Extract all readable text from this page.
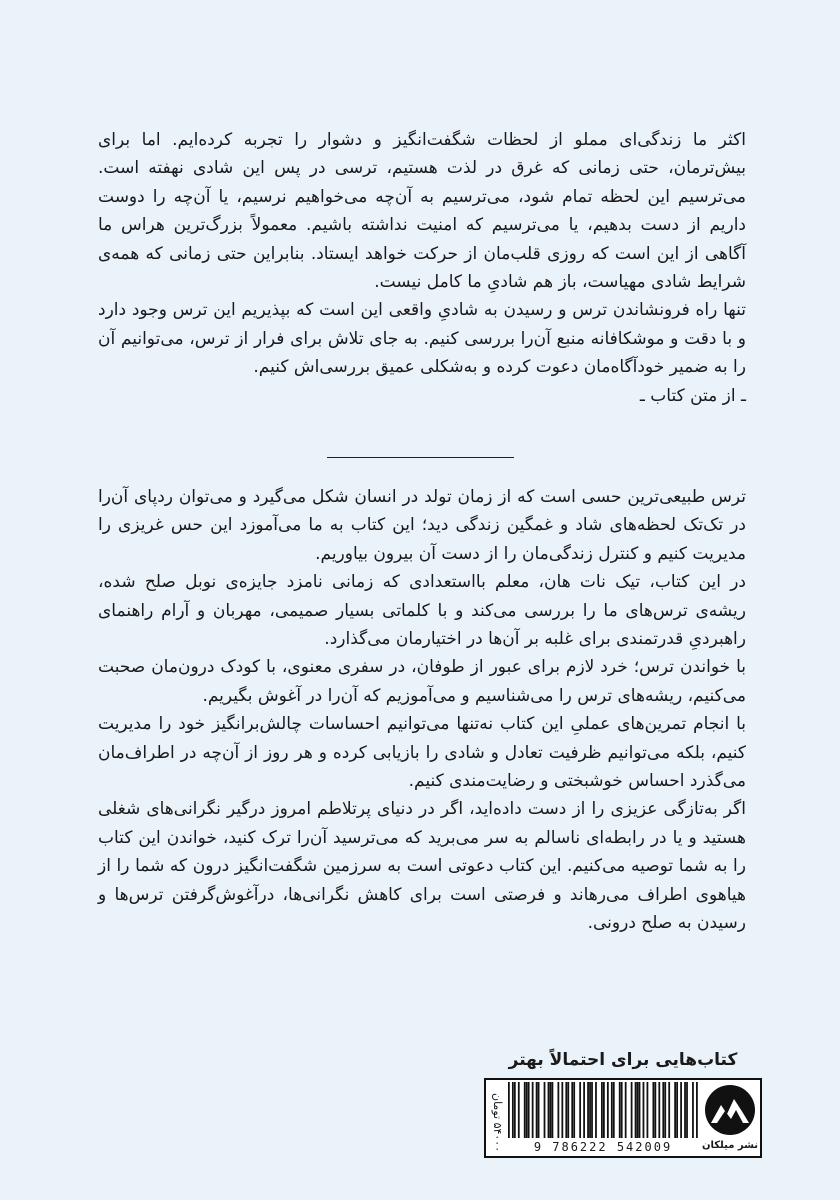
اکثر ما زندگی‌ای مملو از لحظات شگفت‌انگیز و دشوار را تجربه کرده‌ایم. اما برای بیش‌ترمان، حتی زمانی که غرق در لذت هستیم، ترسی در پس این شادی نهفته است. می‌ترسیم این لحظه تمام شود، می‌ترسیم به آن‌چه می‌خواهیم نرسیم، یا آن‌چه را دوست داریم از دست بدهیم، یا می‌ترسیم که امنیت نداشته باشیم. معمولاً بزرگ‌ترین هراس ما آگاهی از این است که روزی قلب‌مان از حرکت خواهد ایستاد. بنابراین حتی زمانی که همه‌ی شرایط شادی مهیاست، باز هم شادیِ ما کامل نیست.

تنها راه فرونشاندن ترس و رسیدن به شادیِ واقعی این است که بپذیریم این ترس وجود دارد و با دقت و موشکافانه منبع آن‌را بررسی کنیم. به جای تلاش برای فرار از ترس، می‌توانیم آن را به ضمیر خودآگاه‌مان دعوت کرده و به‌شکلی عمیق بررسی‌اش کنیم.

ـ از متن کتاب ـ

ترس طبیعی‌ترین حسی است که از زمان تولد در انسان شکل می‌گیرد و می‌توان ردپای آن‌را در تک‌تک لحظه‌های شاد و غمگین زندگی دید؛ این کتاب به ما می‌آموزد این حس غریزی را مدیریت کنیم و کنترل زندگی‌مان را از دست آن بیرون بیاوریم.

در این کتاب، تیک نات هان، معلم بااستعدادی که زمانی نامزد جایزه‌ی نوبل صلح شده، ریشه‌ی ترس‌های ما را بررسی می‌کند و با کلماتی بسیار صمیمی، مهربان و آرام راهنمای راهبردیِ قدرتمندی برای غلبه بر آن‌ها در اختیارمان می‌گذارد.

با خواندن ترس؛ خرد لازم برای عبور از طوفان، در سفری معنوی، با کودک درون‌مان صحبت می‌کنیم، ریشه‌های ترس را می‌شناسیم و می‌آموزیم که آن‌را در آغوش بگیریم.

با انجام تمرین‌های عملیِ این کتاب نه‌تنها می‌توانیم احساسات چالش‌برانگیز خود را مدیریت کنیم، بلکه می‌توانیم ظرفیت تعادل و شادی را بازیابی کرده و هر روز از آن‌چه در اطراف‌مان می‌گذرد احساس خوشبختی و رضایت‌مندی کنیم.

اگر به‌تازگی عزیزی را از دست داده‌اید، اگر در دنیای پرتلاطم امروز درگیر نگرانی‌های شغلی هستید و یا در رابطه‌ای ناسالم به سر می‌برید که می‌ترسید آن‌را ترک کنید، خواندن این کتاب را به شما توصیه می‌کنیم. این کتاب دعوتی است به سرزمین شگفت‌انگیز درون که شما را از هیاهوی اطراف می‌رهاند و فرصتی است برای کاهش نگرانی‌ها، درآغوش‌گرفتن ترس‌ها و رسیدن به صلح درونی.

کتاب‌هایی برای احتمالاً بهتر
۵۴۰۰۰ تومان	9 786222 542009	نشر میلکان
